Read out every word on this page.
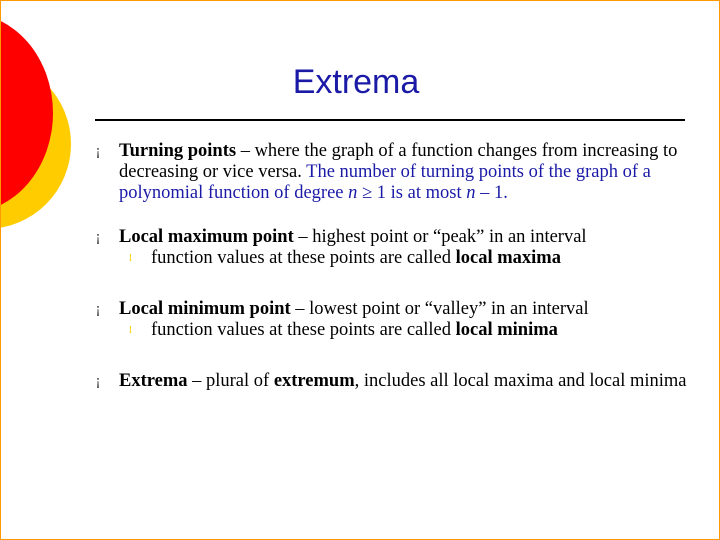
Extrema
¡ Turning points – where the graph of a function changes from increasing to decreasing or vice versa. The number of turning points of the graph of a polynomial function of degree n ≥ 1 is at most n – 1.
¡ Local maximum point – highest point or “peak” in an interval
l function values at these points are called local maxima
¡ Local minimum point – lowest point or “valley” in an interval
l function values at these points are called local minima
¡ Extrema – plural of extremum, includes all local maxima and local minima
